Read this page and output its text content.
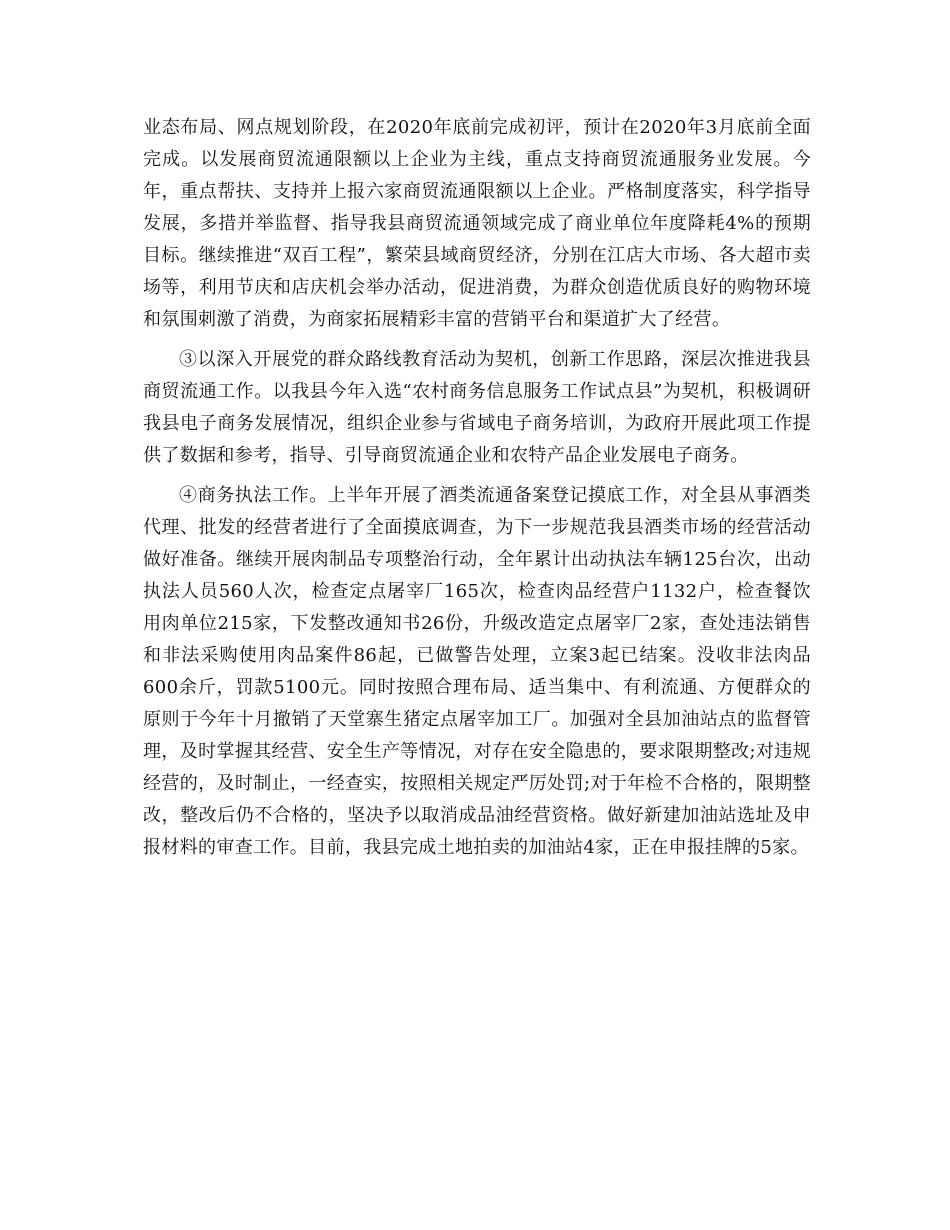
业态布局、网点规划阶段，在2020年底前完成初评，预计在2020年3月底前全面完成。以发展商贸流通限额以上企业为主线，重点支持商贸流通服务业发展。今年，重点帮扶、支持并上报六家商贸流通限额以上企业。严格制度落实，科学指导发展，多措并举监督、指导我县商贸流通领域完成了商业单位年度降耗4%的预期目标。继续推进“双百工程”，繁荣县域商贸经济，分别在江店大市场、各大超市卖场等，利用节庆和店庆机会举办活动，促进消费，为群众创造优质良好的购物环境和氛围刺激了消费，为商家拓展精彩丰富的营销平台和渠道扩大了经营。

③以深入开展党的群众路线教育活动为契机，创新工作思路，深层次推进我县商贸流通工作。以我县今年入选“农村商务信息服务工作试点县”为契机，积极调研我县电子商务发展情况，组织企业参与省域电子商务培训，为政府开展此项工作提供了数据和参考，指导、引导商贸流通企业和农特产品企业发展电子商务。

④商务执法工作。上半年开展了酒类流通备案登记摸底工作，对全县从事酒类代理、批发的经营者进行了全面摸底调查，为下一步规范我县酒类市场的经营活动做好准备。继续开展肉制品专项整治行动，全年累计出动执法车辆125台次，出动执法人员560人次，检查定点屠宰厂165次，检查肉品经营户1132户，检查餐饮用肉单位215家，下发整改通知书26份，升级改造定点屠宰厂2家，查处违法销售和非法采购使用肉品案件86起，已做警告处理，立案3起已结案。没收非法肉品600余斤，罚款5100元。同时按照合理布局、适当集中、有利流通、方便群众的原则于今年十月撤销了天堂寨生猪定点屠宰加工厂。加强对全县加油站点的监督管理，及时掌握其经营、安全生产等情况，对存在安全隐患的，要求限期整改;对违规经营的，及时制止，一经查实，按照相关规定严厉处罚;对于年检不合格的，限期整改，整改后仍不合格的，坚决予以取消成品油经营资格。做好新建加油站选址及申报材料的审查工作。目前，我县完成土地拍卖的加油站4家，正在申报挂牌的5家。
